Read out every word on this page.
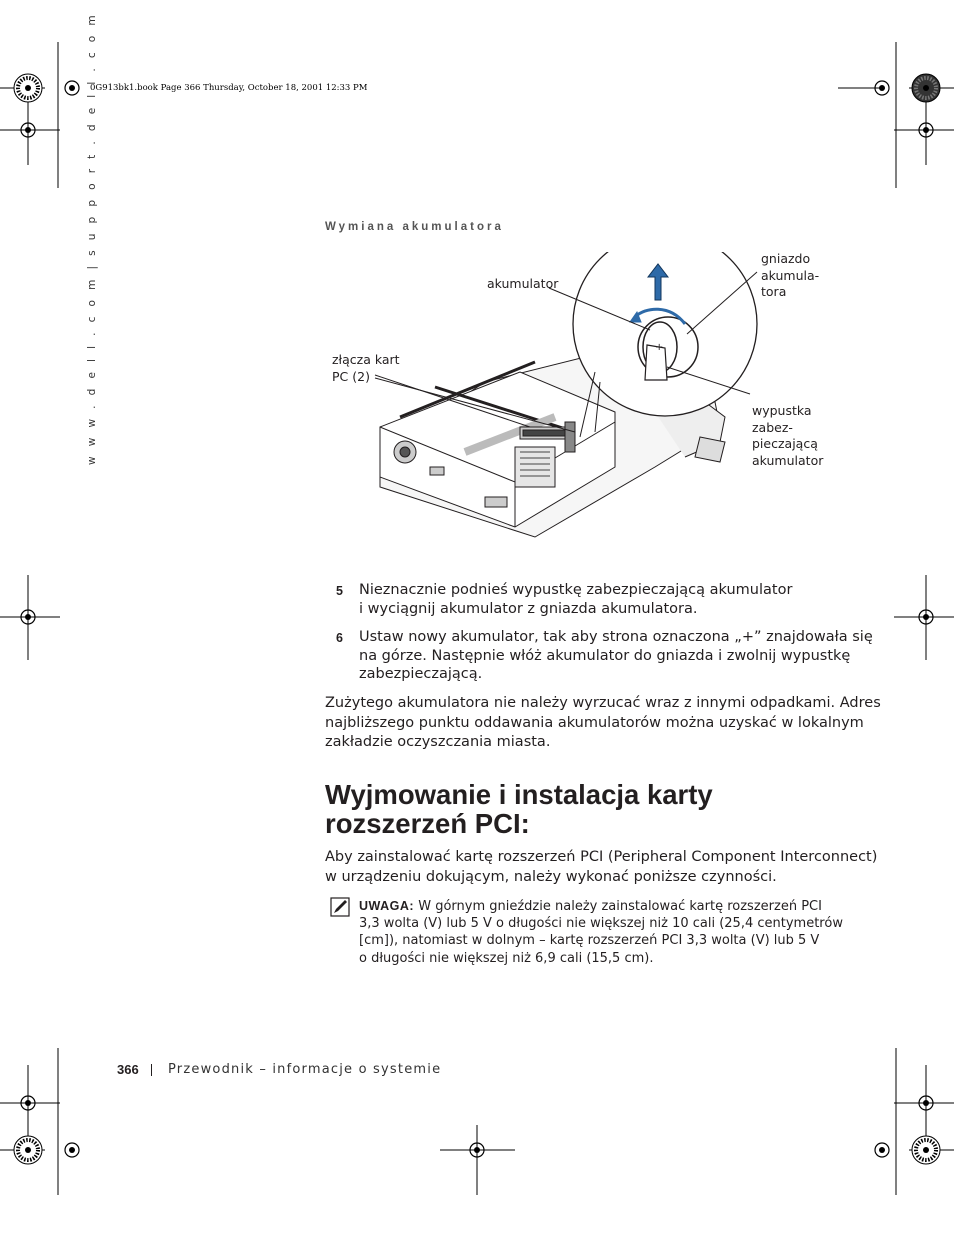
0G913bk1.book Page 366 Thursday, October 18, 2001 12:33 PM
w w w . d e l l . c o m | s u p p o r t . d e l l . c o m	Wymiana akumulatora
+
akumulator
gniazdo
akumula-
tora
złącza kart
PC (2)
wypustka
zabez-
pieczającą
akumulator
5 Nieznacznie podnieś wypustkę zabezpieczającą akumulator
i wyciągnij akumulator z gniazda akumulatora.
6 Ustaw nowy akumulator, tak aby strona oznaczona „+” znajdowała się
na górze. Następnie włóż akumulator do gniazda i zwolnij wypustkę
zabezpieczającą.
Zużytego akumulatora nie należy wyrzucać wraz z innymi odpadkami. Adres
najbliższego punktu oddawania akumulatorów można uzyskać w lokalnym
zakładzie oczyszczania miasta.
Wyjmowanie i instalacja karty
rozszerzeń PCI:
Aby zainstalować kartę rozszerzeń PCI (Peripheral Component Interconnect)
w urządzeniu dokującym, należy wykonać poniższe czynności.
UWAGA: W górnym gnieździe należy zainstalować kartę rozszerzeń PCI
3,3 wolta (V) lub 5 V o długości nie większej niż 10 cali (25,4 centymetrów
[cm]), natomiast w dolnym – kartę rozszerzeń PCI 3,3 wolta (V) lub 5 V
o długości nie większej niż 6,9 cali (15,5 cm).
366 Przewodnik – informacje o systemie
